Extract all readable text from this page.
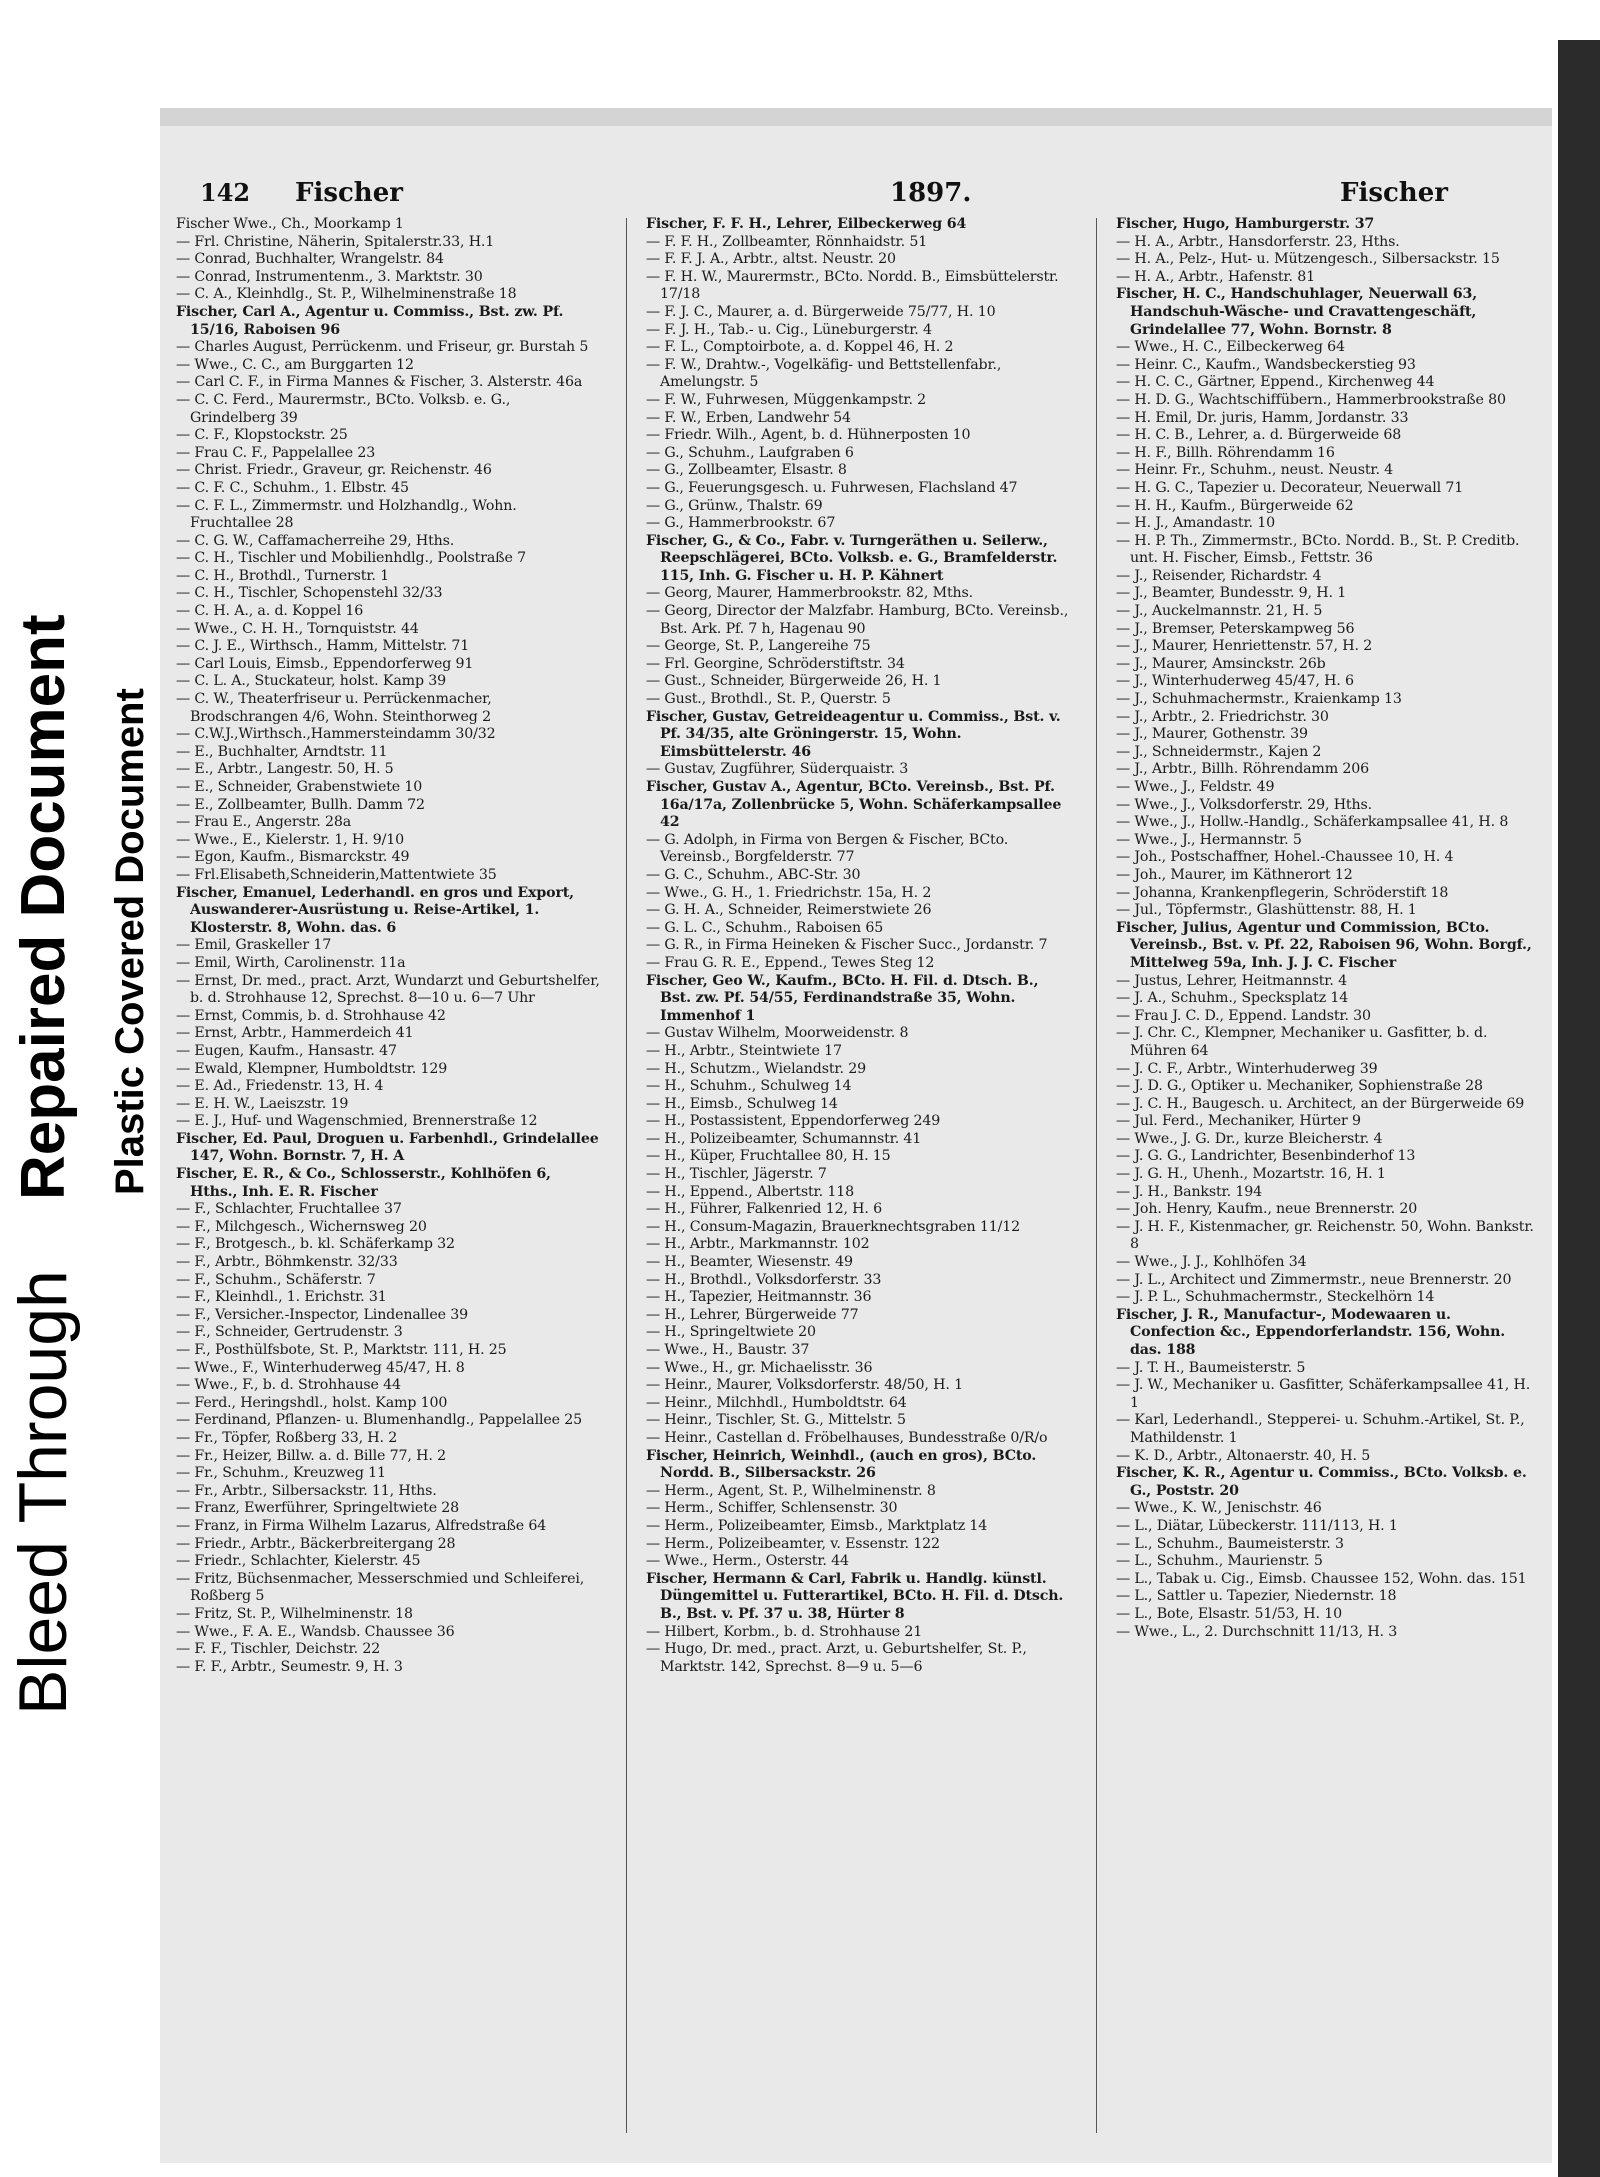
Bleed Through
Repaired Document Plastic Covered Document
142 Fischer	1897.	Fischer

Fischer Wwe., Ch., Moorkamp 1

— Frl. Christine, Näherin, Spitalerstr.33, H.1

— Conrad, Buchhalter, Wrangelstr. 84

— Conrad, Instrumentenm., 3. Marktstr. 30

— C. A., Kleinhdlg., St. P., Wilhelminenstraße 18

Fischer, Carl A., Agentur u. Commiss., Bst. zw. Pf. 15/16, Raboisen 96

— Charles August, Perrückenm. und Friseur, gr. Burstah 5

— Wwe., C. C., am Burggarten 12

— Carl C. F., in Firma Mannes & Fischer, 3. Alsterstr. 46a

— C. C. Ferd., Maurermstr., BCto. Volksb. e. G., Grindelberg 39

— C. F., Klopstockstr. 25

— Frau C. F., Pappelallee 23

— Christ. Friedr., Graveur, gr. Reichenstr. 46

— C. F. C., Schuhm., 1. Elbstr. 45

— C. F. L., Zimmermstr. und Holzhandlg., Wohn. Fruchtallee 28

— C. G. W., Caffamacherreihe 29, Hths.

— C. H., Tischler und Mobilienhdlg., Poolstraße 7

— C. H., Brothdl., Turnerstr. 1

— C. H., Tischler, Schopenstehl 32/33

— C. H. A., a. d. Koppel 16

— Wwe., C. H. H., Tornquiststr. 44

— C. J. E., Wirthsch., Hamm, Mittelstr. 71

— Carl Louis, Eimsb., Eppendorferweg 91

— C. L. A., Stuckateur, holst. Kamp 39

— C. W., Theaterfriseur u. Perrückenmacher, Brodschrangen 4/6, Wohn. Steinthorweg 2

— C.W.J.,Wirthsch.,Hammersteindamm 30/32

— E., Buchhalter, Arndtstr. 11

— E., Arbtr., Langestr. 50, H. 5

— E., Schneider, Grabenstwiete 10

— E., Zollbeamter, Bullh. Damm 72

— Frau E., Angerstr. 28a

— Wwe., E., Kielerstr. 1, H. 9/10

— Egon, Kaufm., Bismarckstr. 49

— Frl.Elisabeth,Schneiderin,Mattentwiete 35

Fischer, Emanuel, Lederhandl. en gros und Export, Auswanderer-Ausrüstung u. Reise-Artikel, 1. Klosterstr. 8, Wohn. das. 6

— Emil, Graskeller 17

— Emil, Wirth, Carolinenstr. 11a

— Ernst, Dr. med., pract. Arzt, Wundarzt und Geburtshelfer, b. d. Strohhause 12, Sprechst. 8—10 u. 6—7 Uhr

— Ernst, Commis, b. d. Strohhause 42

— Ernst, Arbtr., Hammerdeich 41

— Eugen, Kaufm., Hansastr. 47

— Ewald, Klempner, Humboldtstr. 129

— E. Ad., Friedenstr. 13, H. 4

— E. H. W., Laeiszstr. 19

— E. J., Huf- und Wagenschmied, Brennerstraße 12

Fischer, Ed. Paul, Droguen u. Farbenhdl., Grindelallee 147, Wohn. Bornstr. 7, H. A

Fischer, E. R., & Co., Schlosserstr., Kohlhöfen 6, Hths., Inh. E. R. Fischer

— F., Schlachter, Fruchtallee 37

— F., Milchgesch., Wichernsweg 20

— F., Brotgesch., b. kl. Schäferkamp 32

— F., Arbtr., Böhmkenstr. 32/33

— F., Schuhm., Schäferstr. 7

— F., Kleinhdl., 1. Erichstr. 31

— F., Versicher.-Inspector, Lindenallee 39

— F., Schneider, Gertrudenstr. 3

— F., Posthülfsbote, St. P., Marktstr. 111, H. 25

— Wwe., F., Winterhuderweg 45/47, H. 8

— Wwe., F., b. d. Strohhause 44

— Ferd., Heringshdl., holst. Kamp 100

— Ferdinand, Pflanzen- u. Blumenhandlg., Pappelallee 25

— Fr., Töpfer, Roßberg 33, H. 2

— Fr., Heizer, Billw. a. d. Bille 77, H. 2

— Fr., Schuhm., Kreuzweg 11

— Fr., Arbtr., Silbersackstr. 11, Hths.

— Franz, Ewerführer, Springeltwiete 28

— Franz, in Firma Wilhelm Lazarus, Alfredstraße 64

— Friedr., Arbtr., Bäckerbreitergang 28

— Friedr., Schlachter, Kielerstr. 45

— Fritz, Büchsenmacher, Messerschmied und Schleiferei, Roßberg 5

— Fritz, St. P., Wilhelminenstr. 18

— Wwe., F. A. E., Wandsb. Chaussee 36

— F. F., Tischler, Deichstr. 22

— F. F., Arbtr., Seumestr. 9, H. 3

Fischer, F. F. H., Lehrer, Eilbeckerweg 64

— F. F. H., Zollbeamter, Rönnhaidstr. 51

— F. F. J. A., Arbtr., altst. Neustr. 20

— F. H. W., Maurermstr., BCto. Nordd. B., Eimsbüttelerstr. 17/18

— F. J. C., Maurer, a. d. Bürgerweide 75/77, H. 10

— F. J. H., Tab.- u. Cig., Lüneburgerstr. 4

— F. L., Comptoirbote, a. d. Koppel 46, H. 2

— F. W., Drahtw.-, Vogelkäfig- und Bettstellenfabr., Amelungstr. 5

— F. W., Fuhrwesen, Müggenkampstr. 2

— F. W., Erben, Landwehr 54

— Friedr. Wilh., Agent, b. d. Hühnerposten 10

— G., Schuhm., Laufgraben 6

— G., Zollbeamter, Elsastr. 8

— G., Feuerungsgesch. u. Fuhrwesen, Flachsland 47

— G., Grünw., Thalstr. 69

— G., Hammerbrookstr. 67

Fischer, G., & Co., Fabr. v. Turngeräthen u. Seilerw., Reepschlägerei, BCto. Volksb. e. G., Bramfelderstr. 115, Inh. G. Fischer u. H. P. Kähnert

— Georg, Maurer, Hammerbrookstr. 82, Mths.

— Georg, Director der Malzfabr. Hamburg, BCto. Vereinsb., Bst. Ark. Pf. 7 h, Hagenau 90

— George, St. P., Langereihe 75

— Frl. Georgine, Schröderstiftstr. 34

— Gust., Schneider, Bürgerweide 26, H. 1

— Gust., Brothdl., St. P., Querstr. 5

Fischer, Gustav, Getreideagentur u. Commiss., Bst. v. Pf. 34/35, alte Gröningerstr. 15, Wohn. Eimsbüttelerstr. 46

— Gustav, Zugführer, Süderquaistr. 3

Fischer, Gustav A., Agentur, BCto. Vereinsb., Bst. Pf. 16a/17a, Zollenbrücke 5, Wohn. Schäferkampsallee 42

— G. Adolph, in Firma von Bergen & Fischer, BCto. Vereinsb., Borgfelderstr. 77

— G. C., Schuhm., ABC-Str. 30

— Wwe., G. H., 1. Friedrichstr. 15a, H. 2

— G. H. A., Schneider, Reimerstwiete 26

— G. L. C., Schuhm., Raboisen 65

— G. R., in Firma Heineken & Fischer Succ., Jordanstr. 7

— Frau G. R. E., Eppend., Tewes Steg 12

Fischer, Geo W., Kaufm., BCto. H. Fil. d. Dtsch. B., Bst. zw. Pf. 54/55, Ferdinandstraße 35, Wohn. Immenhof 1

— Gustav Wilhelm, Moorweidenstr. 8

— H., Arbtr., Steintwiete 17

— H., Schutzm., Wielandstr. 29

— H., Schuhm., Schulweg 14

— H., Eimsb., Schulweg 14

— H., Postassistent, Eppendorferweg 249

— H., Polizeibeamter, Schumannstr. 41

— H., Küper, Fruchtallee 80, H. 15

— H., Tischler, Jägerstr. 7

— H., Eppend., Albertstr. 118

— H., Führer, Falkenried 12, H. 6

— H., Consum-Magazin, Brauerknechtsgraben 11/12

— H., Arbtr., Markmannstr. 102

— H., Beamter, Wiesenstr. 49

— H., Brothdl., Volksdorferstr. 33

— H., Tapezier, Heitmannstr. 36

— H., Lehrer, Bürgerweide 77

— H., Springeltwiete 20

— Wwe., H., Baustr. 37

— Wwe., H., gr. Michaelisstr. 36

— Heinr., Maurer, Volksdorferstr. 48/50, H. 1

— Heinr., Milchhdl., Humboldtstr. 64

— Heinr., Tischler, St. G., Mittelstr. 5

— Heinr., Castellan d. Fröbelhauses, Bundesstraße 0/R/o

Fischer, Heinrich, Weinhdl., (auch en gros), BCto. Nordd. B., Silbersackstr. 26

— Herm., Agent, St. P., Wilhelminenstr. 8

— Herm., Schiffer, Schlensenstr. 30

— Herm., Polizeibeamter, Eimsb., Marktplatz 14

— Herm., Polizeibeamter, v. Essenstr. 122

— Wwe., Herm., Osterstr. 44

Fischer, Hermann & Carl, Fabrik u. Handlg. künstl. Düngemittel u. Futterartikel, BCto. H. Fil. d. Dtsch. B., Bst. v. Pf. 37 u. 38, Hürter 8

— Hilbert, Korbm., b. d. Strohhause 21

— Hugo, Dr. med., pract. Arzt, u. Geburtshelfer, St. P., Marktstr. 142, Sprechst. 8—9 u. 5—6

Fischer, Hugo, Hamburgerstr. 37

— H. A., Arbtr., Hansdorferstr. 23, Hths.

— H. A., Pelz-, Hut- u. Mützengesch., Silbersackstr. 15

— H. A., Arbtr., Hafenstr. 81

Fischer, H. C., Handschuhlager, Neuerwall 63, Handschuh-Wäsche- und Cravattengeschäft, Grindelallee 77, Wohn. Bornstr. 8

— Wwe., H. C., Eilbeckerweg 64

— Heinr. C., Kaufm., Wandsbeckerstieg 93

— H. C. C., Gärtner, Eppend., Kirchenweg 44

— H. D. G., Wachtschiffübern., Hammerbrookstraße 80

— H. Emil, Dr. juris, Hamm, Jordanstr. 33

— H. C. B., Lehrer, a. d. Bürgerweide 68

— H. F., Billh. Röhrendamm 16

— Heinr. Fr., Schuhm., neust. Neustr. 4

— H. G. C., Tapezier u. Decorateur, Neuerwall 71

— H. H., Kaufm., Bürgerweide 62

— H. J., Amandastr. 10

— H. P. Th., Zimmermstr., BCto. Nordd. B., St. P. Creditb. unt. H. Fischer, Eimsb., Fettstr. 36

— J., Reisender, Richardstr. 4

— J., Beamter, Bundesstr. 9, H. 1

— J., Auckelmannstr. 21, H. 5

— J., Bremser, Peterskampweg 56

— J., Maurer, Henriettenstr. 57, H. 2

— J., Maurer, Amsinckstr. 26b

— J., Winterhuderweg 45/47, H. 6

— J., Schuhmachermstr., Kraienkamp 13

— J., Arbtr., 2. Friedrichstr. 30

— J., Maurer, Gothenstr. 39

— J., Schneidermstr., Kajen 2

— J., Arbtr., Billh. Röhrendamm 206

— Wwe., J., Feldstr. 49

— Wwe., J., Volksdorferstr. 29, Hths.

— Wwe., J., Hollw.-Handlg., Schäferkampsallee 41, H. 8

— Wwe., J., Hermannstr. 5

— Joh., Postschaffner, Hohel.-Chaussee 10, H. 4

— Joh., Maurer, im Käthnerort 12

— Johanna, Krankenpflegerin, Schröderstift 18

— Jul., Töpfermstr., Glashüttenstr. 88, H. 1

Fischer, Julius, Agentur und Commission, BCto. Vereinsb., Bst. v. Pf. 22, Raboisen 96, Wohn. Borgf., Mittelweg 59a, Inh. J. J. C. Fischer

— Justus, Lehrer, Heitmannstr. 4

— J. A., Schuhm., Specksplatz 14

— Frau J. C. D., Eppend. Landstr. 30

— J. Chr. C., Klempner, Mechaniker u. Gasfitter, b. d. Mühren 64

— J. C. F., Arbtr., Winterhuderweg 39

— J. D. G., Optiker u. Mechaniker, Sophienstraße 28

— J. C. H., Baugesch. u. Architect, an der Bürgerweide 69

— Jul. Ferd., Mechaniker, Hürter 9

— Wwe., J. G. Dr., kurze Bleicherstr. 4

— J. G. G., Landrichter, Besenbinderhof 13

— J. G. H., Uhenh., Mozartstr. 16, H. 1

— J. H., Bankstr. 194

— Joh. Henry, Kaufm., neue Brennerstr. 20

— J. H. F., Kistenmacher, gr. Reichenstr. 50, Wohn. Bankstr. 8

— Wwe., J. J., Kohlhöfen 34

— J. L., Architect und Zimmermstr., neue Brennerstr. 20

— J. P. L., Schuhmachermstr., Steckelhörn 14

Fischer, J. R., Manufactur-, Modewaaren u. Confection &c., Eppendorferlandstr. 156, Wohn. das. 188

— J. T. H., Baumeisterstr. 5

— J. W., Mechaniker u. Gasfitter, Schäferkampsallee 41, H. 1

— Karl, Lederhandl., Stepperei- u. Schuhm.-Artikel, St. P., Mathildenstr. 1

— K. D., Arbtr., Altonaerstr. 40, H. 5

Fischer, K. R., Agentur u. Commiss., BCto. Volksb. e. G., Poststr. 20

— Wwe., K. W., Jenischstr. 46

— L., Diätar, Lübeckerstr. 111/113, H. 1

— L., Schuhm., Baumeisterstr. 3

— L., Schuhm., Maurienstr. 5

— L., Tabak u. Cig., Eimsb. Chaussee 152, Wohn. das. 151

— L., Sattler u. Tapezier, Niedernstr. 18

— L., Bote, Elsastr. 51/53, H. 10

— Wwe., L., 2. Durchschnitt 11/13, H. 3
